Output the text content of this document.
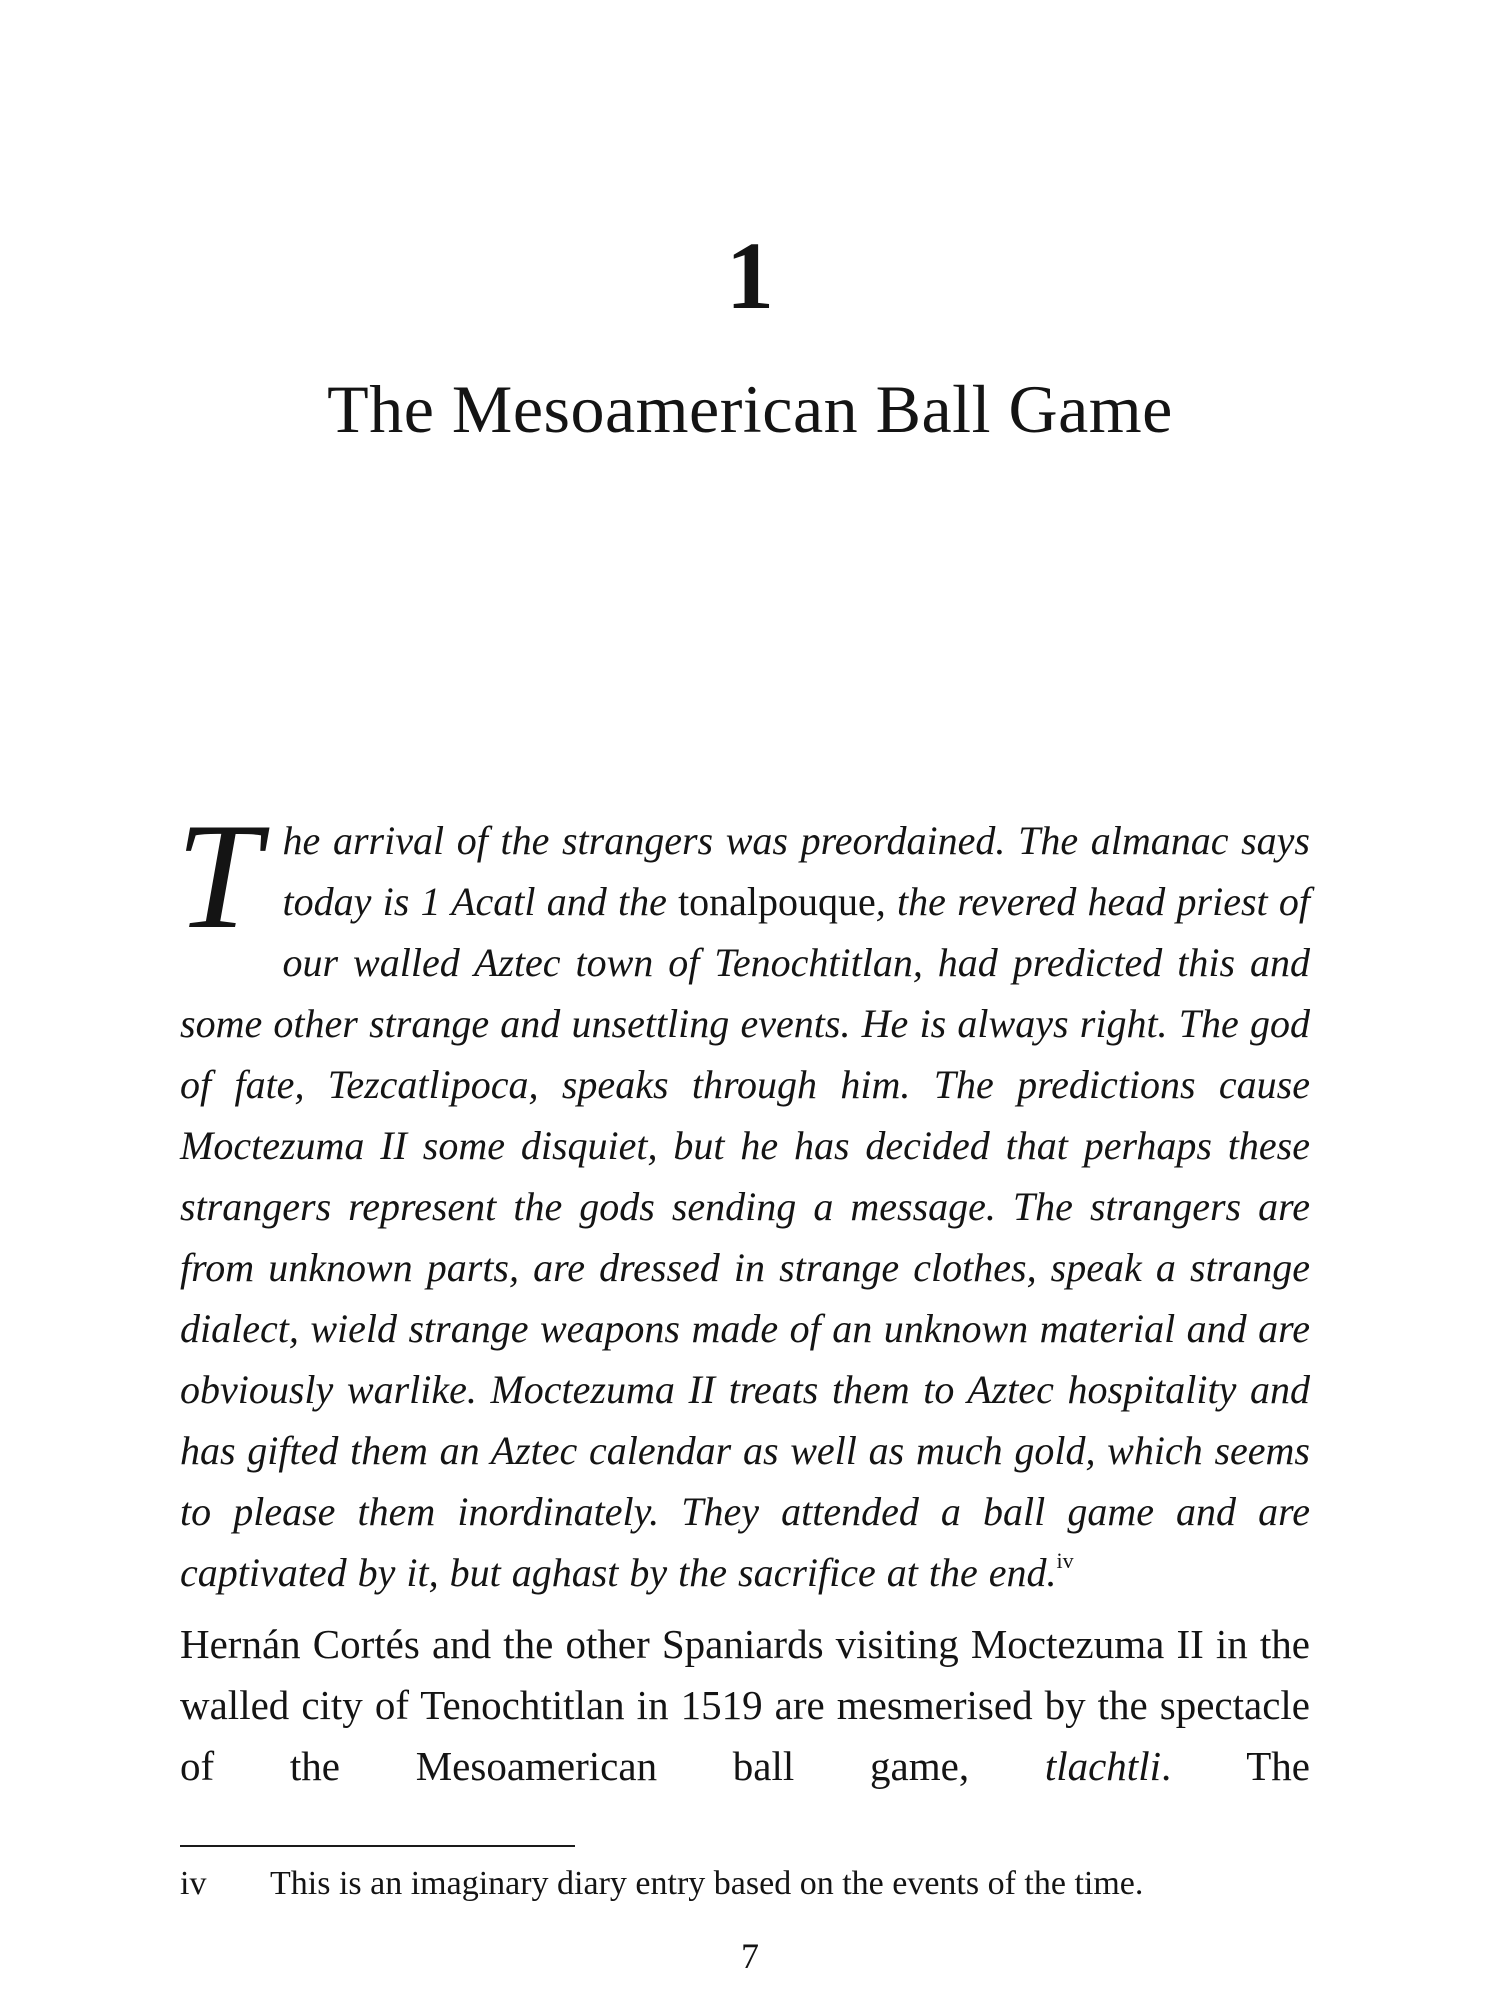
1
The Mesoamerican Ball Game

The arrival of the strangers was preordained. The almanac says today is 1 Acatl and the tonalpouque, the revered head priest of our walled Aztec town of Tenochtitlan, had predicted this and some other strange and unsettling events. He is always right. The god of fate, Tezcatlipoca, speaks through him. The predictions cause Moctezuma II some disquiet, but he has decided that perhaps these strangers represent the gods sending a message. The strangers are from unknown parts, are dressed in strange clothes, speak a strange dialect, wield strange weapons made of an unknown material and are obviously warlike. Moctezuma II treats them to Aztec hospitality and has gifted them an Aztec calendar as well as much gold, which seems to please them inordinately. They attended a ball game and are captivated by it, but aghast by the sacrifice at the end.$^{iv}$

Hernán Cortés and the other Spaniards visiting Moctezuma II in the walled city of Tenochtitlan in 1519 are mesmerised by the spectacle of the Mesoamerican ball game, tlachtli. The

iv This is an imaginary diary entry based on the events of the time.
7
